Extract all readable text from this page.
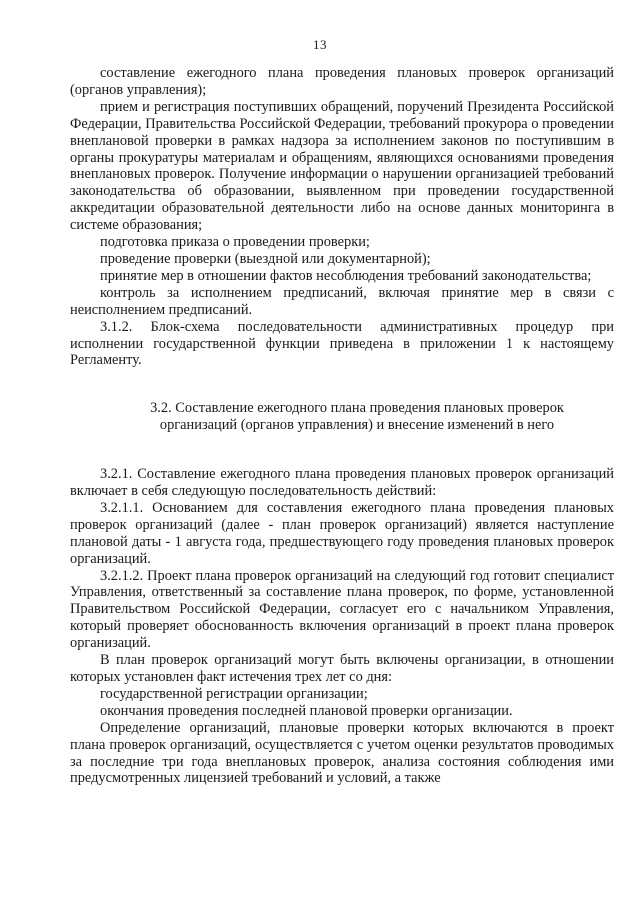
13

составление ежегодного плана проведения плановых проверок организаций (органов управления);

прием и регистрация поступивших обращений, поручений Президента Российской Федерации, Правительства Российской Федерации, требований прокурора о проведении внеплановой проверки в рамках надзора за исполнением законов по поступившим в органы прокуратуры материалам и обращениям, являющихся основаниями проведения внеплановых проверок. Получение информации о нарушении организацией требований законодательства об образовании, выявленном при проведении государственной аккредитации образовательной деятельности либо на основе данных мониторинга в системе образования;

подготовка приказа о проведении проверки;

проведение проверки (выездной или документарной);

принятие мер в отношении фактов несоблюдения требований законодательства;

контроль за исполнением предписаний, включая принятие мер в связи с неисполнением предписаний.

3.1.2. Блок-схема последовательности административных процедур при исполнении государственной функции приведена в приложении 1 к настоящему Регламенту.

3.2. Составление ежегодного плана проведения плановых проверок
организаций (органов управления) и внесение изменений в него

3.2.1. Составление ежегодного плана проведения плановых проверок организаций включает в себя следующую последовательность действий:

3.2.1.1. Основанием для составления ежегодного плана проведения плановых проверок организаций (далее - план проверок организаций) является наступление плановой даты - 1 августа года, предшествующего году проведения плановых проверок организаций.

3.2.1.2. Проект плана проверок организаций на следующий год готовит специалист Управления, ответственный за составление плана проверок, по форме, установленной Правительством Российской Федерации, согласует его с начальником Управления, который проверяет обоснованность включения организаций в проект плана проверок организаций.

В план проверок организаций могут быть включены организации, в отношении которых установлен факт истечения трех лет со дня:

государственной регистрации организации;

окончания проведения последней плановой проверки организации.

Определение организаций, плановые проверки которых включаются в проект плана проверок организаций, осуществляется с учетом оценки результатов проводимых за последние три года внеплановых проверок, анализа состояния соблюдения ими предусмотренных лицензией требований и условий, а также
